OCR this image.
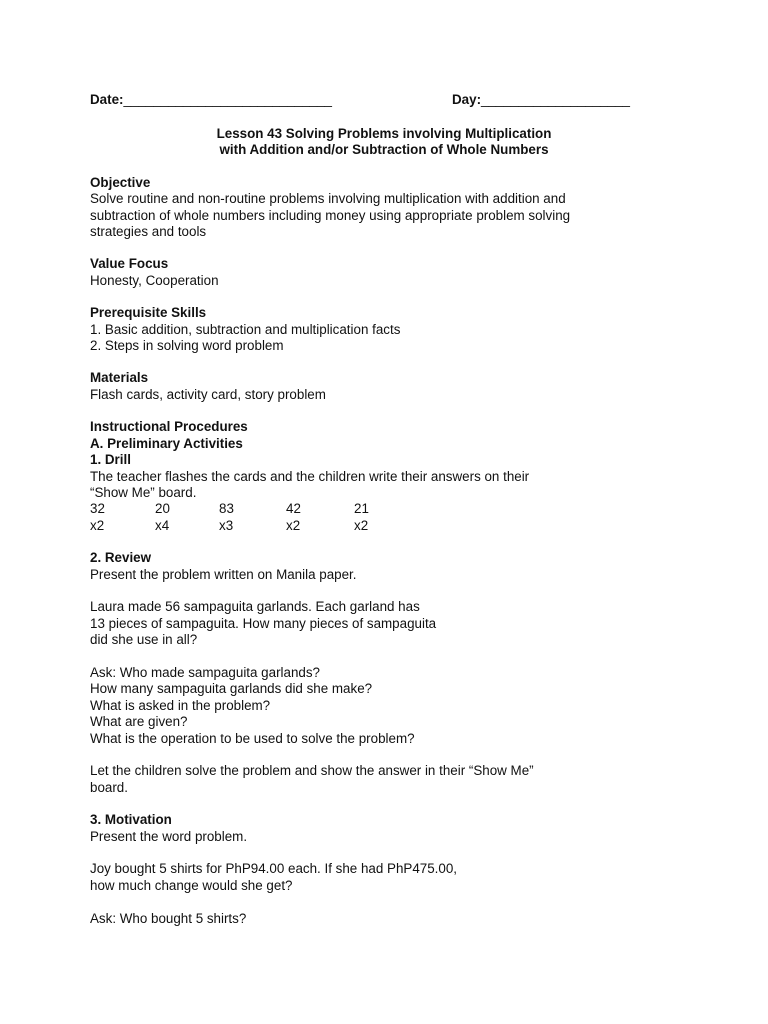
Date:____________________________	Day:____________________
Lesson 43 Solving Problems involving Multiplication
with Addition and/or Subtraction of Whole Numbers
Objective

Solve routine and non-routine problems involving multiplication with addition and

subtraction of whole numbers including money using appropriate problem solving

strategies and tools

Value Focus

Honesty, Cooperation

Prerequisite Skills

1. Basic addition, subtraction and multiplication facts

2. Steps in solving word problem

Materials

Flash cards, activity card, story problem

Instructional Procedures
A. Preliminary Activities
1. Drill

The teacher flashes the cards and the children write their answers on their

“Show Me” board.

32
x2
20
x4
83
x3
42
x2
21
x2
2. Review

Present the problem written on Manila paper.

Laura made 56 sampaguita garlands. Each garland has

13 pieces of sampaguita. How many pieces of sampaguita

did she use in all?

Ask: Who made sampaguita garlands?

How many sampaguita garlands did she make?

What is asked in the problem?

What are given?

What is the operation to be used to solve the problem?

Let the children solve the problem and show the answer in their “Show Me”

board.

3. Motivation

Present the word problem.

Joy bought 5 shirts for PhP94.00 each. If she had PhP475.00,

how much change would she get?

Ask: Who bought 5 shirts?
